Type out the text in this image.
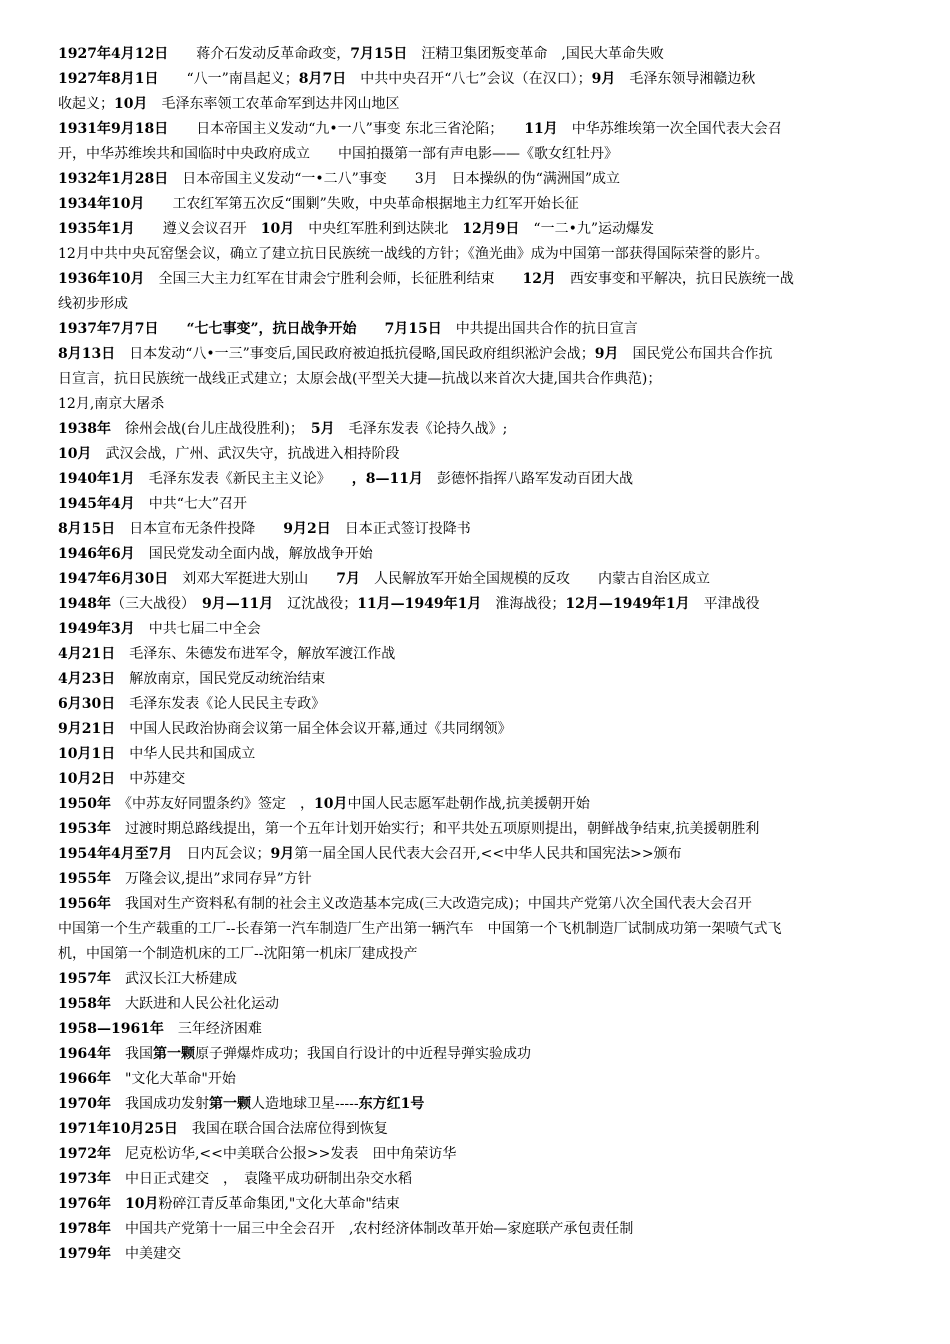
1927年4月12日　　蒋介石发动反革命政变，7月15日　汪精卫集团叛变革命　,国民大革命失败
1927年8月1日　　“八一”南昌起义；8月7日　中共中央召开“八七”会议（在汉口）；9月　毛泽东领导湘赣边秋
收起义；10月　毛泽东率领工农革命军到达井冈山地区
1931年9月18日　　日本帝国主义发动“九•一八”事变 东北三省沦陷；　　11月　中华苏维埃第一次全国代表大会召
开，中华苏维埃共和国临时中央政府成立　　中国拍摄第一部有声电影——《歌女红牡丹》
1932年1月28日　日本帝国主义发动“一•二八”事变　　3月　日本操纵的伪“满洲国”成立
1934年10月　　工农红军第五次反“围剿”失败，中央革命根据地主力红军开始长征
1935年1月　　遵义会议召开　10月　中央红军胜利到达陕北　12月9日　“一二•九”运动爆发
12月中共中央瓦窑堡会议，确立了建立抗日民族统一战线的方针；《渔光曲》成为中国第一部获得国际荣誉的影片。
1936年10月　全国三大主力红军在甘肃会宁胜利会师，长征胜利结束　　12月　西安事变和平解决，抗日民族统一战
线初步形成
1937年7月7日　　 “七七事变”，抗日战争开始　　 7月15日　中共提出国共合作的抗日宣言
8月13日　日本发动“八•一三”事变后,国民政府被迫抵抗侵略,国民政府组织淞沪会战；9月　国民党公布国共合作抗
日宣言，抗日民族统一战线正式建立；太原会战(平型关大捷—抗战以来首次大捷,国共合作典范)；
12月,南京大屠杀
1938年　徐州会战(台儿庄战役胜利)；　5月　毛泽东发表《论持久战》;
10月　武汉会战，广州、武汉失守，抗战进入相持阶段
1940年1月　毛泽东发表《新民主主义论》　　，8—11月　彭德怀指挥八路军发动百团大战
1945年4月　中共“七大”召开
8月15日　日本宣布无条件投降　　9月2日　日本正式签订投降书
1946年6月　国民党发动全面内战，解放战争开始
1947年6月30日　刘邓大军挺进大别山　　7月　人民解放军开始全国规模的反攻　　内蒙古自治区成立
1948年（三大战役）　9月—11月　辽沈战役；11月—1949年1月　淮海战役；12月—1949年1月　平津战役
1949年3月　中共七届二中全会
4月21日　毛泽东、朱德发布进军令，解放军渡江作战
4月23日　解放南京，国民党反动统治结束
6月30日　毛泽东发表《论人民民主专政》
9月21日　中国人民政治协商会议第一届全体会议开幕,通过《共同纲领》
10月1日　中华人民共和国成立
10月2日　中苏建交
1950年　《中苏友好同盟条约》签定　，10月中国人民志愿军赴朝作战,抗美援朝开始
1953年　过渡时期总路线提出，第一个五年计划开始实行；和平共处五项原则提出，朝鲜战争结束,抗美援朝胜利
1954年4月至7月　日内瓦会议；9月第一届全国人民代表大会召开,<<中华人民共和国宪法>>颁布
1955年　万隆会议,提出”求同存异”方针
1956年　我国对生产资料私有制的社会主义改造基本完成(三大改造完成)；中国共产党第八次全国代表大会召开
中国第一个生产载重的工厂--长春第一汽车制造厂生产出第一辆汽车　中国第一个飞机制造厂试制成功第一架喷气式飞
机，中国第一个制造机床的工厂--沈阳第一机床厂建成投产
1957年　武汉长江大桥建成
1958年　大跃进和人民公社化运动
1958—1961年　三年经济困难
1964年　我国第一颗原子弹爆炸成功；我国自行设计的中近程导弹实验成功
1966年　"文化大革命"开始
1970年　我国成功发射第一颗人造地球卫星-----东方红1号
1971年10月25日　我国在联合国合法席位得到恢复
1972年　尼克松访华,<<中美联合公报>>发表　田中角荣访华
1973年　中日正式建交　，　袁隆平成功研制出杂交水稻
1976年　 10月粉碎江青反革命集团,"文化大革命"结束
1978年　中国共产党第十一届三中全会召开　,农村经济体制改革开始—家庭联产承包责任制
1979年　中美建交
